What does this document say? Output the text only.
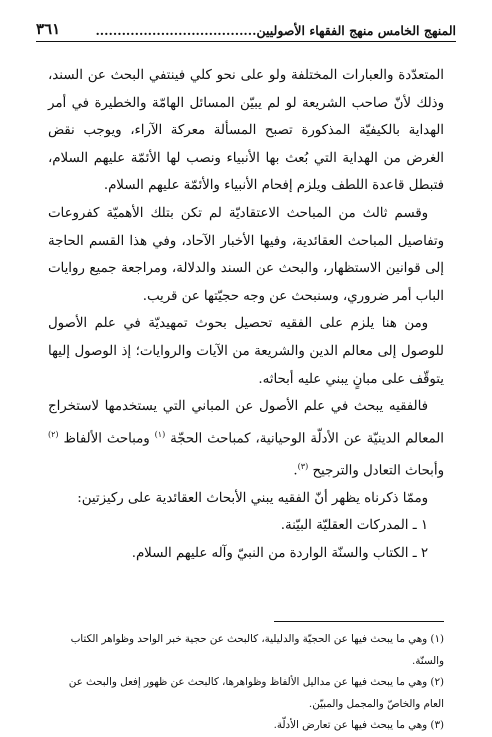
المنهج الخامس منهج الفقهاء الأصوليين.....................................
٣٦١

المتعدّدة والعبارات المختلفة ولو على نحو كلي فينتفي البحث عن السند، وذلك لأنّ صاحب الشريعة لو لم يبيّن المسائل الهامّة والخطيرة في أمر الهداية بالكيفيّة المذكورة تصبح المسألة معركة الآراء، ويوجب نقض الغرض من الهداية التي بُعث بها الأنبياء ونصب لها الأئمّة عليهم السلام، فتبطل قاعدة اللطف ويلزم إفحام الأنبياء والأئمّة عليهم السلام.

وقسم ثالث من المباحث الاعتقاديّة لم تكن بتلك الأهميّة كفروعات وتفاصيل المباحث العقائدية، وفيها الأخبار الآحاد، وفي هذا القسم الحاجة إلى قوانين الاستظهار، والبحث عن السند والدلالة، ومراجعة جميع روايات الباب أمر ضروري، وسنبحث عن وجه حجيّتها عن قريب.

ومن هنا يلزم على الفقيه تحصيل بحوث تمهيديّة في علم الأصول للوصول إلى معالم الدين والشريعة من الآيات والروايات؛ إذ الوصول إليها يتوقّف على مبانٍ يبني عليه أبحاثه.

فالفقيه يبحث في علم الأصول عن المباني التي يستخدمها لاستخراج المعالم الدينيّة عن الأدلّة الوحيانية، كمباحث الحجّة $^{(١)}$ ومباحث الألفاظ $^{(٢)}$ وأبحاث التعادل والترجيح $^{(٣)}$.

وممّا ذكرناه يظهر أنّ الفقيه يبني الأبحاث العقائدية على ركيزتين:

١ ـ المدركات العقليّة البيّنة.

٢ ـ الكتاب والسنّة الواردة من النبيّ وآله عليهم السلام.

(١) وهي ما يبحث فيها عن الحجيّة والدليلية، كالبحث عن حجية خبر الواحد وظواهر الكتاب والسنّة.

(٢) وهي ما يبحث فيها عن مداليل الألفاظ وظواهرها، كالبحث عن ظهور إفعل والبحث عن العام والخاصّ والمجمل والمبيّن.

(٣) وهي ما يبحث فيها عن تعارض الأدلّة.
